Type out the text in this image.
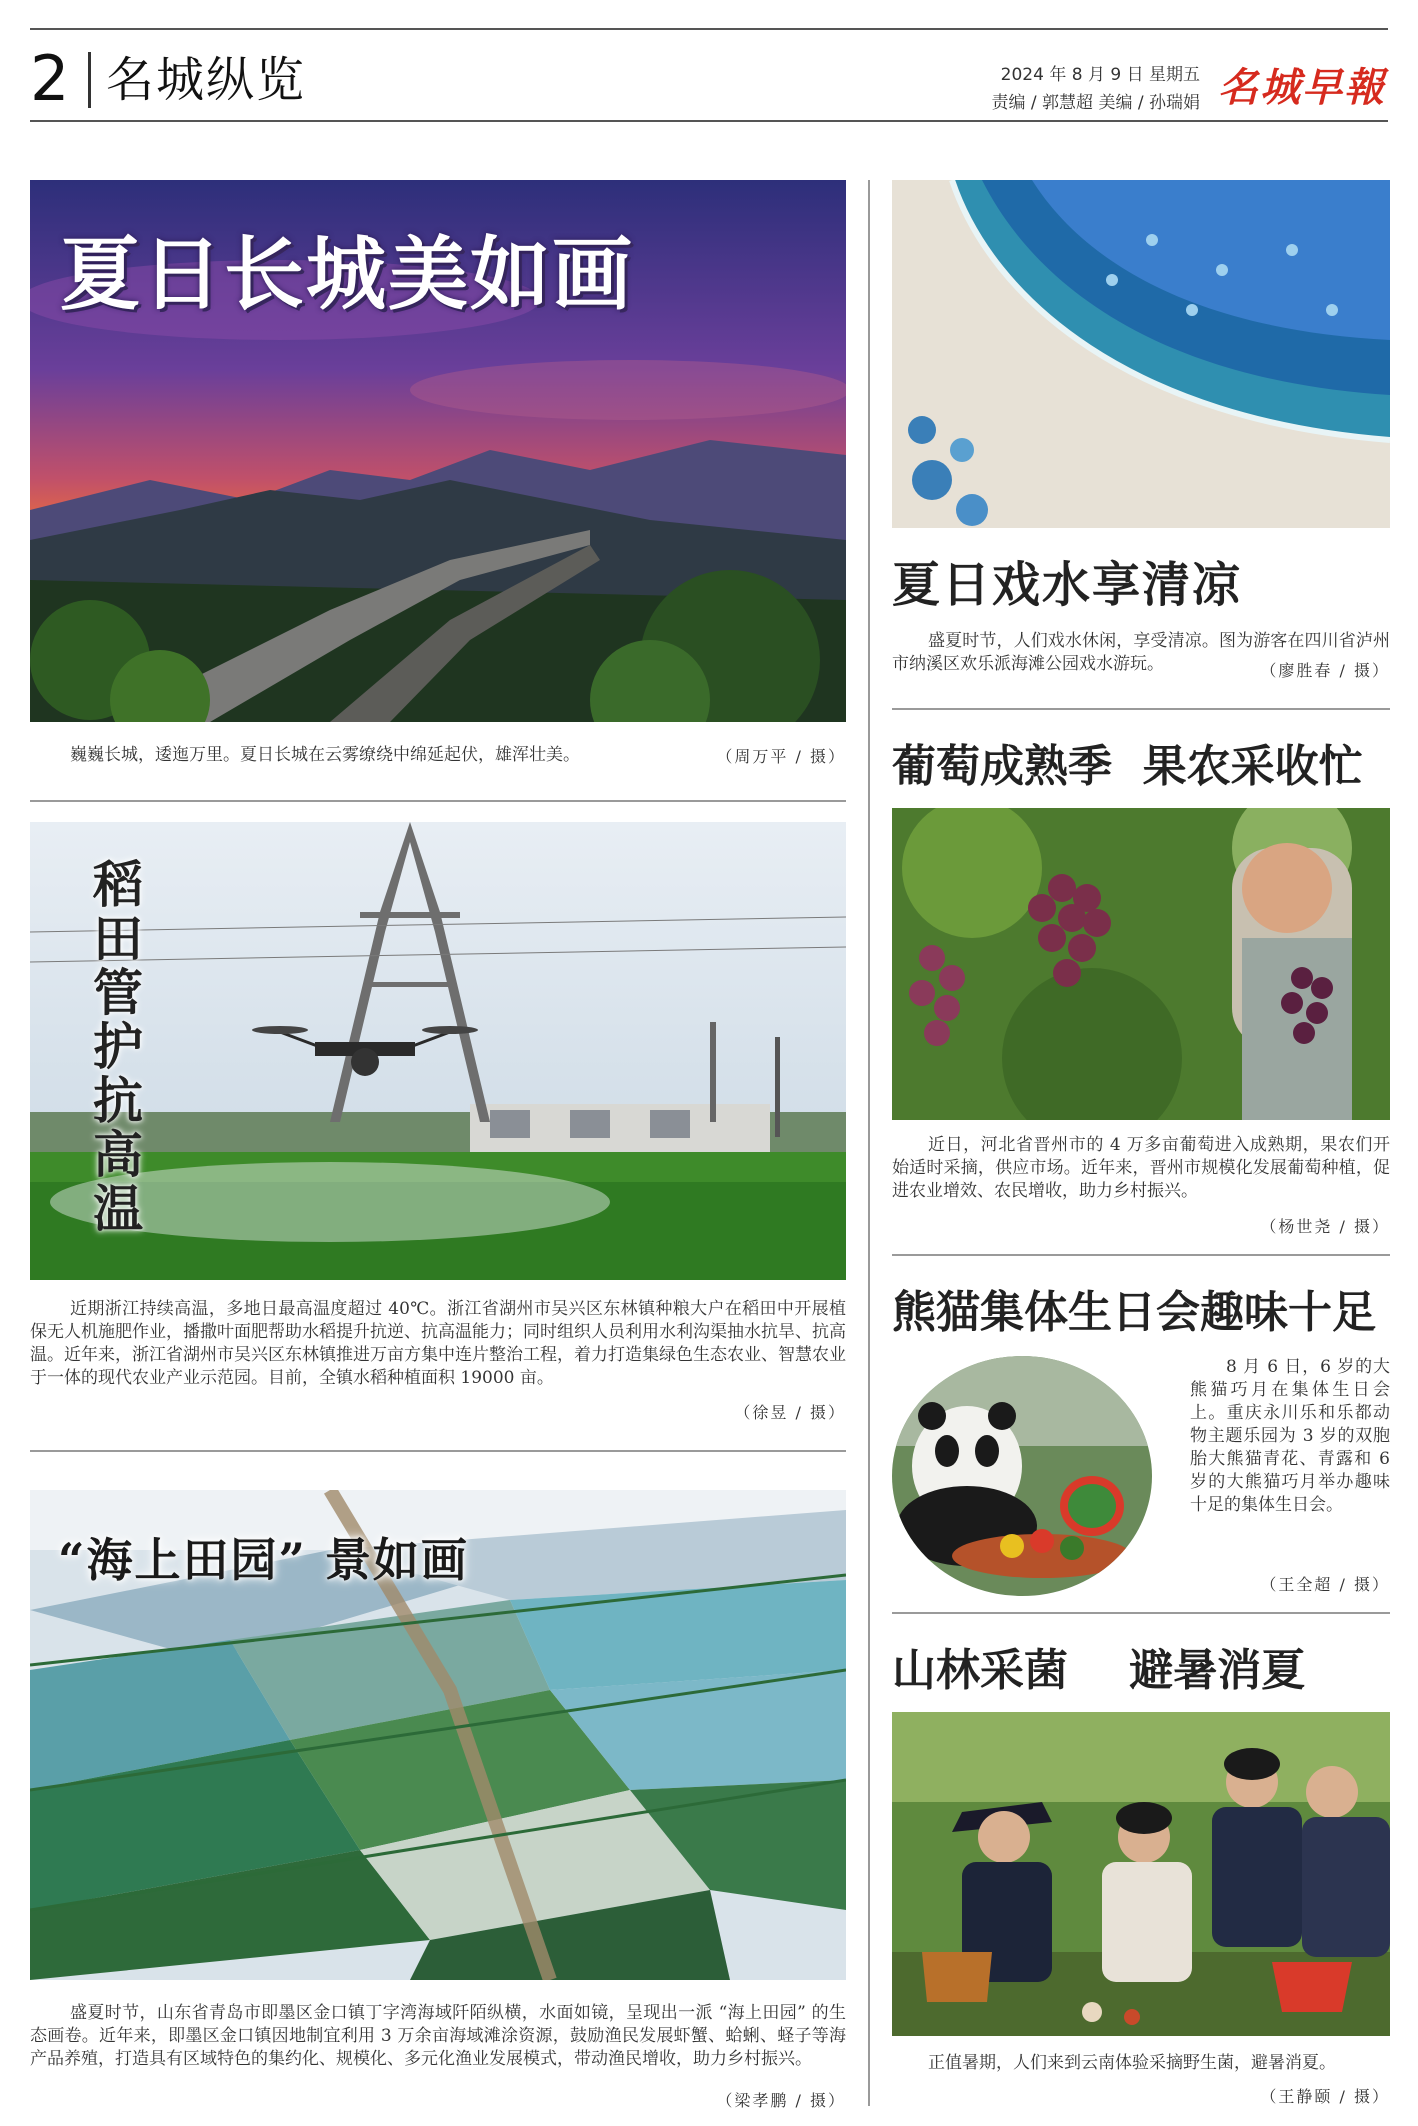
2 名城纵览	2024 年 8 月 9 日 星期五
责编 / 郭慧超 美编 / 孙瑞娟 名城早報
夏日长城美如画
巍巍长城，逶迤万里。夏日长城在云雾缭绕中绵延起伏，雄浑壮美。	（周万平 / 摄）
稻田管护抗高温
近期浙江持续高温，多地日最高温度超过 40℃。浙江省湖州市吴兴区东林镇种粮大户在稻田中开展植保无人机施肥作业，播撒叶面肥帮助水稻提升抗逆、抗高温能力；同时组织人员利用水利沟渠抽水抗旱、抗高温。近年来，浙江省湖州市吴兴区东林镇推进万亩方集中连片整治工程，着力打造集绿色生态农业、智慧农业于一体的现代农业产业示范园。目前，全镇水稻种植面积 19000 亩。
（徐昱 / 摄）
“海上田园” 景如画
盛夏时节，山东省青岛市即墨区金口镇丁字湾海域阡陌纵横，水面如镜，呈现出一派 “海上田园” 的生态画卷。近年来，即墨区金口镇因地制宜利用 3 万余亩海域滩涂资源，鼓励渔民发展虾蟹、蛤蜊、蛏子等海产品养殖，打造具有区域特色的集约化、规模化、多元化渔业发展模式，带动渔民增收，助力乡村振兴。
（梁孝鹏 / 摄）
夏日戏水享清凉
盛夏时节，人们戏水休闲，享受清凉。图为游客在四川省泸州市纳溪区欢乐派海滩公园戏水游玩。	（廖胜春 / 摄）
葡萄成熟季  果农采收忙
近日，河北省晋州市的 4 万多亩葡萄进入成熟期，果农们开始适时采摘，供应市场。近年来，晋州市规模化发展葡萄种植，促进农业增效、农民增收，助力乡村振兴。
（杨世尧 / 摄）
熊猫集体生日会趣味十足
8 月 6 日，6 岁的大熊猫巧月在集体生日会上。重庆永川乐和乐都动物主题乐园为 3 岁的双胞胎大熊猫青花、青露和 6 岁的大熊猫巧月举办趣味十足的集体生日会。
（王全超 / 摄）
山林采菌    避暑消夏
正值暑期，人们来到云南体验采摘野生菌，避暑消夏。
（王静颐 / 摄）
